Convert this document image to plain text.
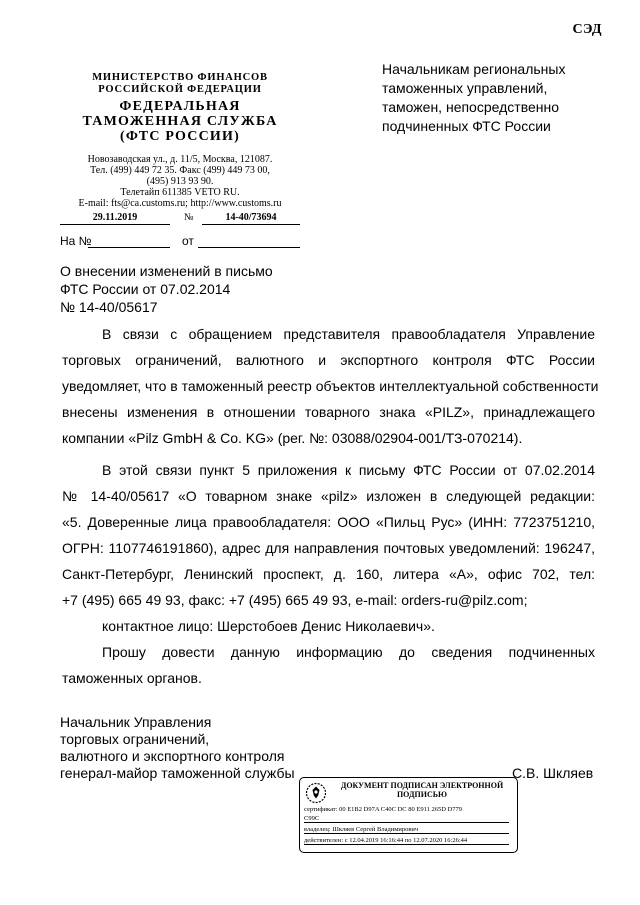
СЭД
Начальникам региональных
таможенных управлений,
таможен, непосредственно
подчиненных ФТС России
МИНИСТЕРСТВО ФИНАНСОВ
РОССИЙСКОЙ ФЕДЕРАЦИИ
ФЕДЕРАЛЬНАЯ
ТАМОЖЕННАЯ СЛУЖБА
(ФТС РОССИИ)
Новозаводская ул., д. 11/5, Москва, 121087.
Тел. (499) 449 72 35. Факс (499) 449 73 00,
(495) 913 93 90.
Телетайп 611385 VETO RU.
E-mail: fts@ca.customs.ru; http://www.customs.ru
29.11.2019	№	14-40/73694
На №	от
О внесении изменений в письмо
ФТС России от 07.02.2014
№ 14-40/05617
В связи с обращением представителя правообладателя Управление
торговых ограничений, валютного и экспортного контроля ФТС России
уведомляет, что в таможенный реестр объектов интеллектуальной собственности
внесены изменения в отношении товарного знака «PILZ», принадлежащего
компании «Pilz GmbH & Co. KG» (рег. №: 03088/02904-001/ТЗ-070214).
В этой связи пункт 5 приложения к письму ФТС России от 07.02.2014
№ 14-40/05617 «О товарном знаке «pilz» изложен в следующей редакции:
«5. Доверенные лица правообладателя: ООО «Пильц Рус» (ИНН: 7723751210,
ОГРН: 1107746191860), адрес для направления почтовых уведомлений: 196247,
Санкт-Петербург, Ленинский проспект, д. 160, литера «А», офис 702, тел:
+7 (495) 665 49 93, факс: +7 (495) 665 49 93, e-mail: orders-ru@pilz.com;
контактное лицо: Шерстобоев Денис Николаевич».
Прошу довести данную информацию до сведения подчиненных
таможенных органов.
Начальник Управления
торговых ограничений,
валютного и экспортного контроля
генерал-майор таможенной службы	С.В. Шкляев
ДОКУМЕНТ ПОДПИСАН ЭЛЕКТРОННОЙ
ПОДПИСЬЮ
сертификат: 00 E1B2 D97A C40C DC 80 E911 265D D779
C99C
владелец: Шкляев Сергей Владимирович
действителен: с 12.04.2019 16:16:44 по 12.07.2020 16:26:44
